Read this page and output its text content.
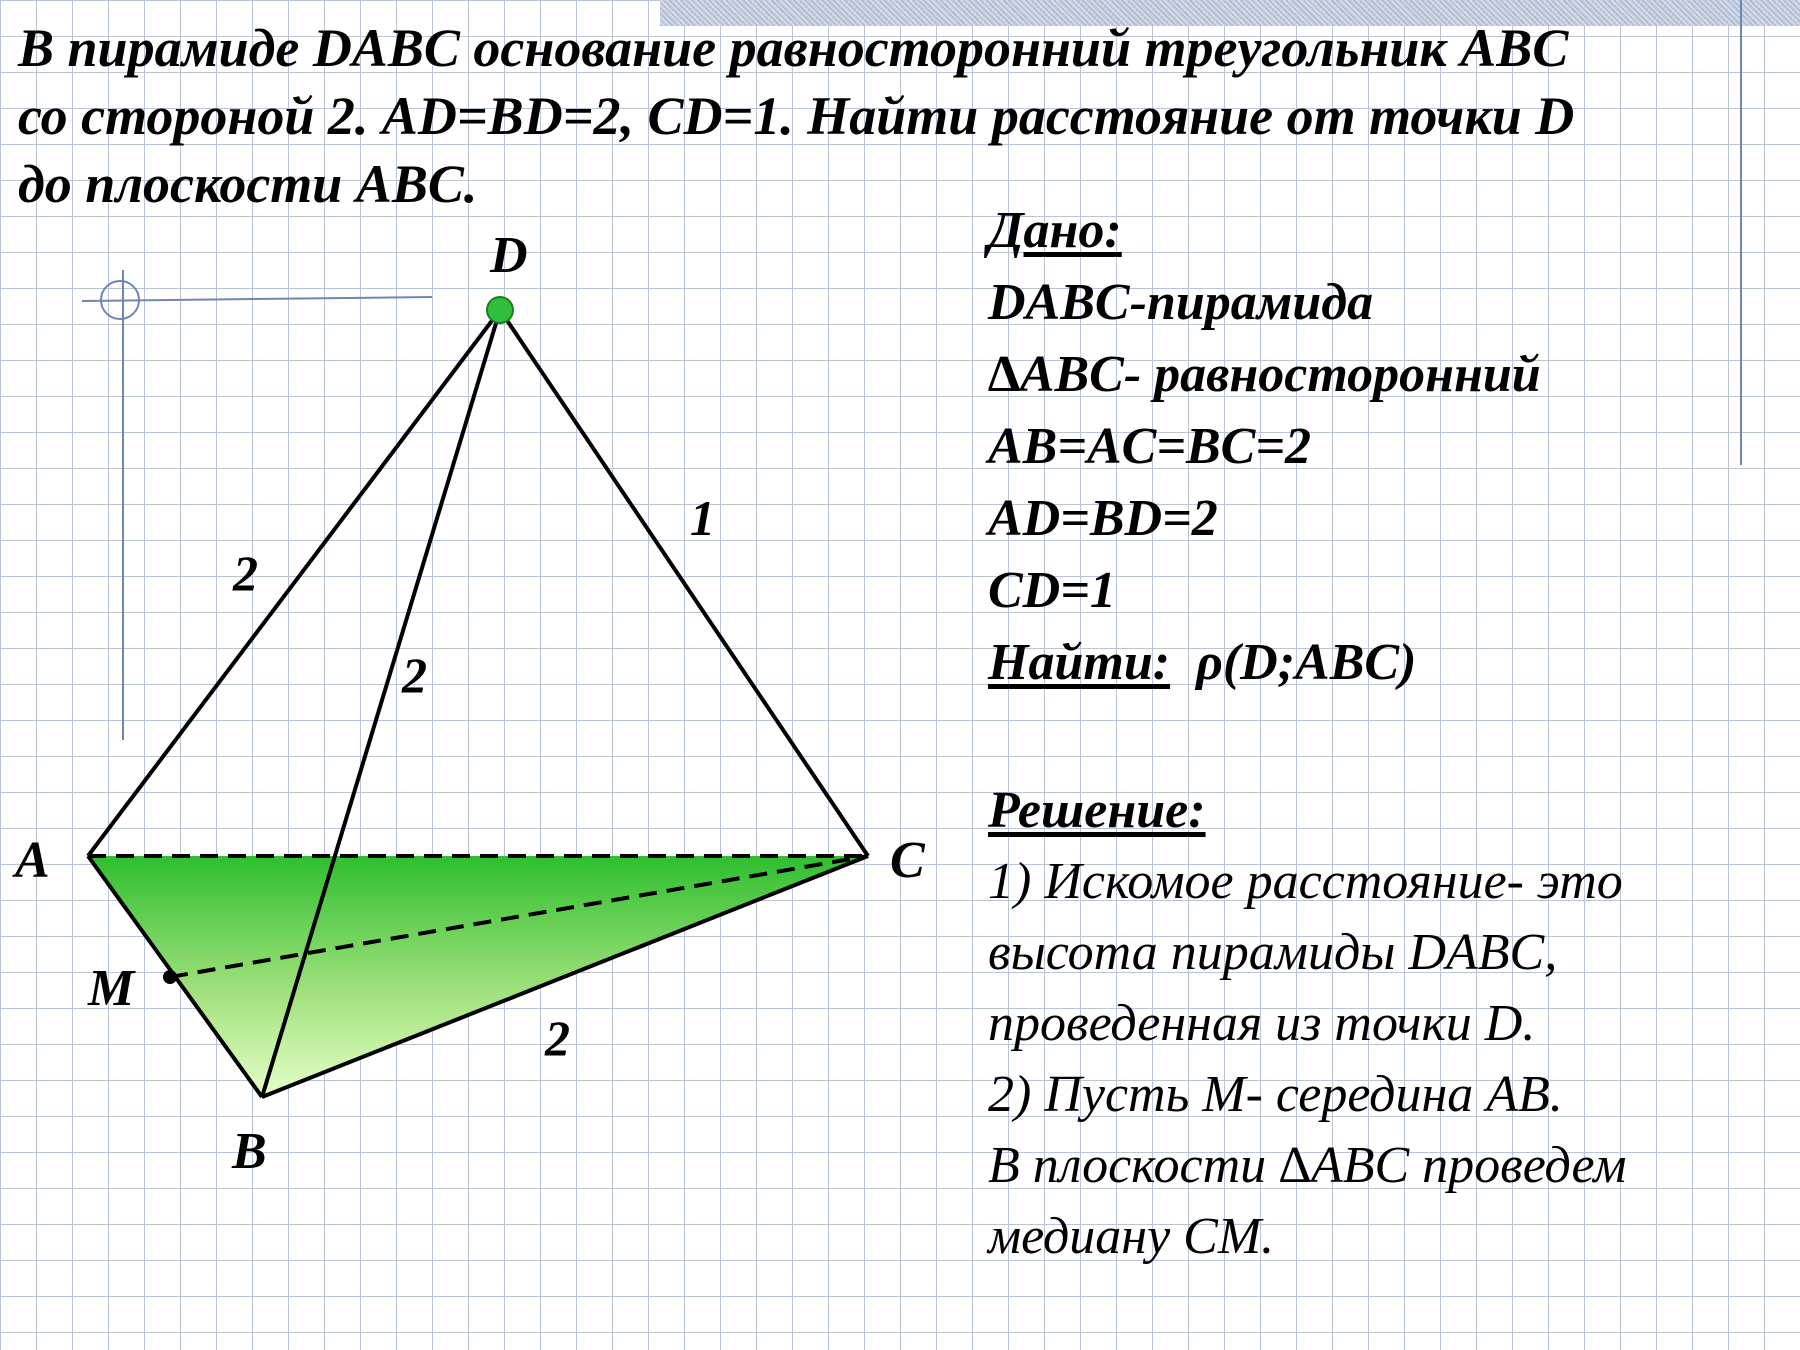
В пирамиде DABC основание равносторонний треугольник ABC
со стороной 2. AD=BD=2, CD=1. Найти расстояние от точки D
до плоскости ABC.
D
A	C
B
M
2
2
1
2
Дано:
DABC-пирамида
∆ABC- равносторонний
AB=AC=BC=2
AD=BD=2
CD=1
Найти: ρ(D;ABC)
Решение:
1) Искомое расстояние- это
высота пирамиды DABC,
проведенная из точки D.
2) Пусть M- середина AB.
В плоскости ∆ABC проведем
медиану CM.
